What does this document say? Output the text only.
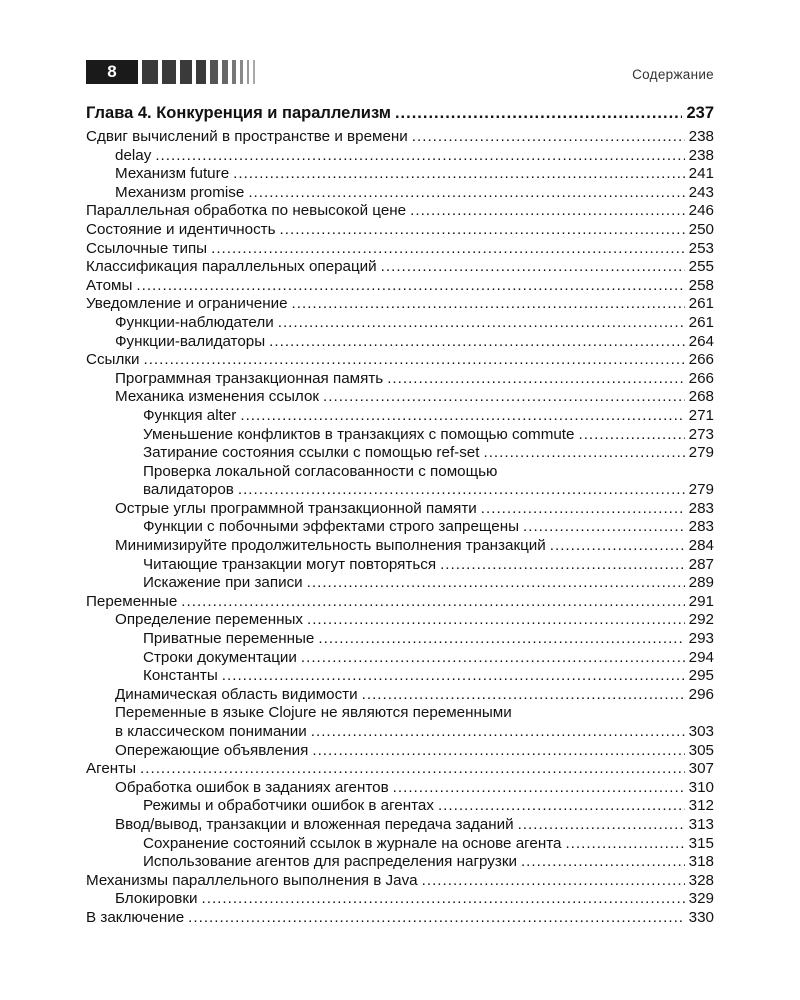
8	Содержание
Глава 4. Конкуренция и параллелизм .....	237
Сдвиг вычислений в пространстве и времени .....	238
delay .....	238
Механизм future .....	241
Механизм promise .....	243
Параллельная обработка по невысокой цене .....	246
Состояние и идентичность .....	250
Ссылочные типы .....	253
Классификация параллельных операций .....	255
Атомы .....	258
Уведомление и ограничение .....	261
Функции-наблюдатели .....	261
Функции-валидаторы .....	264
Ссылки .....	266
Программная транзакционная память .....	266
Механика изменения ссылок .....	268
Функция alter .....	271
Уменьшение конфликтов в транзакциях с помощью commute .....	273
Затирание состояния ссылки с помощью ref-set .....	279
Проверка локальной согласованности с помощью
валидаторов .....	279
Острые углы программной транзакционной памяти .....	283
Функции с побочными эффектами строго запрещены .....	283
Минимизируйте продолжительность выполнения транзакций .....	284
Читающие транзакции могут повторяться .....	287
Искажение при записи .....	289
Переменные .....	291
Определение переменных .....	292
Приватные переменные .....	293
Строки документации .....	294
Константы .....	295
Динамическая область видимости .....	296
Переменные в языке Clojure не являются переменными
в классическом понимании .....	303
Опережающие объявления .....	305
Агенты .....	307
Обработка ошибок в заданиях агентов .....	310
Режимы и обработчики ошибок в агентах .....	312
Ввод/вывод, транзакции и вложенная передача заданий .....	313
Сохранение состояний ссылок в журнале на основе агента .....	315
Использование агентов для распределения нагрузки .....	318
Механизмы параллельного выполнения в Java .....	328
Блокировки .....	329
В заключение .....	330
